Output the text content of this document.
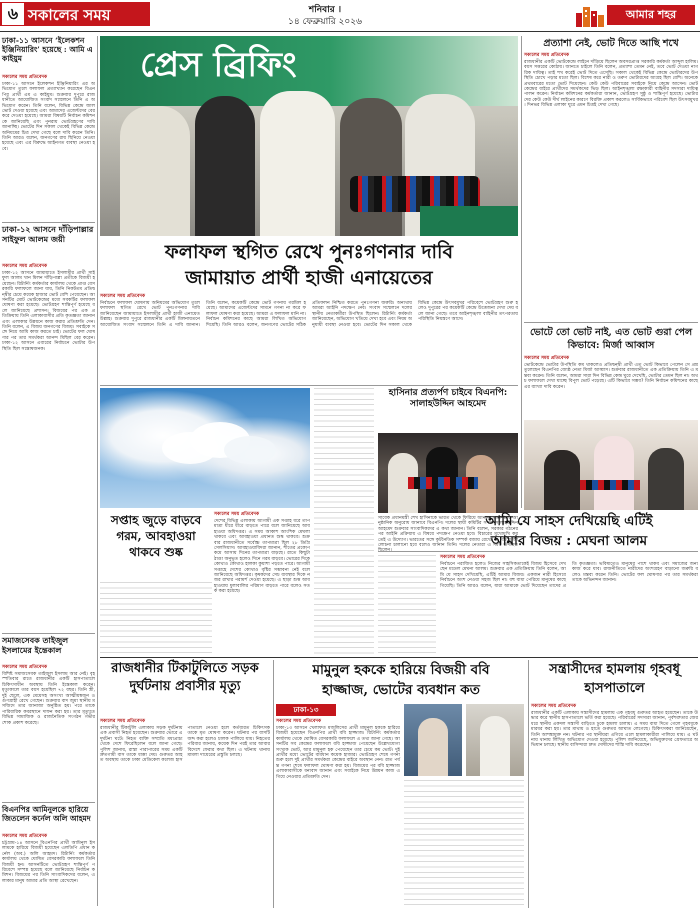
৬ সকালের সময়	শনিবার ।
১৪ ফেব্রুয়ারি ২০২৬
আমার শহর
ঢাকা-১১ আসনে ‘ইলেকশন ইঞ্জিনিয়ারিং’ হয়েছে : আমি এ কাইয়ুম
সকালের সময় প্রতিবেদক
ঢাকা-১১ আসনে ইলেকশন ইঞ্জিনিয়ারিং এর অভিযোগ তুলে ফলাফল প্রত্যাখ্যান করেছেন বিএনপির প্রার্থী এম এ কাইয়ুম। শুক্রবার দুপুরে রাজধানীতে আয়োজিত সংবাদ সম্মেলনে তিনি এ অভিযোগ করেন। তিনি বলেন, বিভিন্ন কেন্দ্রে জাল ভোট দেওয়া হয়েছে এবং আমাদের এজেন্টদের বের করে দেওয়া হয়েছে। আমরা বিষয়টি নির্বাচন কমিশনকে জানিয়েছি এবং পুনরায় ভোটগ্রহণের দাবি জানাচ্ছি। ভোটের দিন সকাল থেকেই বিভিন্ন কেন্দ্রে অনিয়মের চিত্র দেখা গেছে বলে দাবি করেন তিনি। তিনি আরও বলেন, জনগণের রায় ছিনিয়ে নেওয়া হয়েছে এবং এর বিরুদ্ধে আইনগত ব্যবস্থা নেওয়া হবে।
ঢাকা-১২ আসনে দাঁড়িপাল্লার সাইফুল আলম জয়ী
সকালের সময় প্রতিবেদক
ঢাকা-১২ আসনে জামায়াতে ইসলামীর প্রার্থী সাইফুল আলম খান মিলন দাঁড়িপাল্লা প্রতীকে বিজয়ী হয়েছেন। রিটার্নিং কর্মকর্তার কার্যালয় থেকে প্রাপ্ত বেসরকারি ফলাফলে জানা যায়, তিনি নিকটতম প্রতিদ্বন্দ্বীর চেয়ে কয়েক হাজার ভোট বেশি পেয়েছেন। আসনটির মোট ভোটকেন্দ্রের মধ্যে সবকটির ফলাফল ঘোষণা করা হয়েছে। ভোটগ্রহণ শান্তিপূর্ণ হয়েছে বলে জানিয়েছে প্রশাসন। বিজয়ের পর এক প্রতিক্রিয়ায় তিনি এলাকাবাসীর প্রতি কৃতজ্ঞতা জানান এবং এলাকার উন্নয়নে কাজ করার প্রতিশ্রুতি দেন। তিনি বলেন, এ বিজয় জনগণের বিজয়। সবাইকে সঙ্গে নিয়ে আমি কাজ করতে চাই। ভোটের ফল ঘোষণার পর তার সমর্থকরা আনন্দ মিছিল বের করেন। ঢাকা-১২ আসনে এবারের নির্বাচনে ভোটার উপস্থিতি ছিল সন্তোষজনক।
সমাজসেবক তাইজুল ইসলামের ইন্তেকাল
সকালের সময় প্রতিবেদক
বিশিষ্ট সমাজসেবক তাইজুল ইসলাম আর নেই। বৃহস্পতিবার রাতে রাজধানীর একটি হাসপাতালে চিকিৎসাধীন অবস্থায় তিনি ইন্তেকাল করেন। মৃত্যুকালে তার বয়স হয়েছিল ৭২ বছর। তিনি স্ত্রী, দুই ছেলে, এক মেয়েসহ অসংখ্য আত্মীয়স্বজন ও গুণগ্রাহী রেখে গেছেন। শুক্রবার বাদ জুমা স্থানীয় মসজিদে তার জানাজা অনুষ্ঠিত হয়। পরে তাকে পারিবারিক কবরস্থানে দাফন করা হয়। তার মৃত্যুতে বিভিন্ন সামাজিক ও রাজনৈতিক সংগঠন গভীর শোক প্রকাশ করেছে।
বিএনপির আমিনুলকে হারিয়ে জিতলেন কর্নেল অলি আহমদ
সকালের সময় প্রতিবেদক
চট্টগ্রাম-১৪ আসনে বিএনপির প্রার্থী আমিনুল ইসলামকে হারিয়ে বিজয়ী হয়েছেন এলডিপি প্রধান কর্নেল (অব.) অলি আহমদ। রিটার্নিং কর্মকর্তার কার্যালয় থেকে ঘোষিত বেসরকারি ফলাফলে তিনি বিজয়ী হন। আসনটিতে ভোটগ্রহণ শান্তিপূর্ণ পরিবেশে সম্পন্ন হয়েছে বলে জানিয়েছে নির্বাচন কমিশন। বিজয়ের পর তিনি সাংবাদিকদের বলেন, এলাকার মানুষ আমার প্রতি আস্থা রেখেছেন।
প্রেস ব্রিফিং
ফলাফল স্থগিত রেখে পুনঃগণনার দাবি
জামায়াত প্রার্থী হাজী এনায়েতের
সকালের সময় প্রতিবেদক
নির্বাচনে ফলাফল ঘোষণায় অনিয়মের অভিযোগ তুলে ফলাফল স্থগিত রেখে ভোট পুনঃগণনার দাবি জানিয়েছেন জামায়াতে ইসলামীর প্রার্থী হাজী এনায়েত উল্লাহ। শুক্রবার দুপুরে রাজধানীর একটি মিলনায়তনে আয়োজিত সংবাদ সম্মেলনে তিনি এ দাবি জানান। তিনি বলেন, কয়েকটি কেন্দ্রে ভোট গণনায় গরমিল হয়েছে। আমাদের এজেন্টদের সামনে গণনা না করে ফলাফল ঘোষণা করা হয়েছে। আমরা এ ফলাফল মানি না। নির্বাচন কমিশনের কাছে আমরা লিখিত অভিযোগ দিয়েছি। তিনি আরও বলেন, জনগণের ভোটের সঠিক প্রতিফলন নিশ্চিত করতে পুনঃগণনা জরুরি। অন্যথায় আমরা আইনি পদক্ষেপ নেব। সংবাদ সম্মেলনে দলের স্থানীয় নেতাকর্মীরা উপস্থিত ছিলেন। রিটার্নিং কর্মকর্তা জানিয়েছেন, অভিযোগ খতিয়ে দেখা হবে এবং নিয়ম অনুযায়ী ব্যবস্থা নেওয়া হবে। ভোটের দিন সকাল থেকে বিভিন্ন কেন্দ্রে উৎসবমুখর পরিবেশে ভোটগ্রহণ শুরু হলেও দুপুরের পর কয়েকটি কেন্দ্রে উত্তেজনা দেখা দেয় বলে জানা গেছে। তবে আইনশৃঙ্খলা বাহিনীর তৎপরতায় পরিস্থিতি নিয়ন্ত্রণে আসে।
সপ্তাহ জুড়ে বাড়বে গরম, আবহাওয়া থাকবে শুষ্ক
সকালের সময় প্রতিবেদক
দেশের বিভিন্ন এলাকায় আগামী এক সপ্তাহ ধরে তাপমাত্রা ধীরে ধীরে বাড়তে পারে বলে জানিয়েছে আবহাওয়া অধিদপ্তর। এ সময় আকাশ আংশিক মেঘলা থাকবে এবং আবহাওয়া প্রধানত শুষ্ক থাকবে। শুক্রবার রাজধানীতে সর্বোচ্চ তাপমাত্রা ছিল ২৮ ডিগ্রি সেলসিয়াস। আবহাওয়াবিদরা জানান, শীতের প্রকোপ কমে আসায় দিনের তাপমাত্রা বাড়ছে। রাতে কিছুটা ঠাণ্ডা অনুভূত হলেও দিনে গরম বাড়বে। ভোরের দিকে কোথাও কোথাও হালকা কুয়াশা পড়তে পারে। আগামী সপ্তাহে দেশের কোথাও বৃষ্টির সম্ভাবনা নেই বলে জানিয়েছে অধিদপ্তর। কৃষকদের সেচ ব্যবস্থার দিকে নজর রাখার পরামর্শ দেওয়া হয়েছে। এ ছাড়া শুষ্ক আবহাওয়ায় ধুলাবালির পরিমাণ বাড়তে পারে বলেও সতর্ক করা হয়েছে।
হাসিনার প্রত্যর্পণ চাইবে বিএনপি: সালাহউদ্দিন আহমেদ
সাবেক প্রধানমন্ত্রী শেখ হাসিনাকে ভারত থেকে ফিরিয়ে আনতে প্রত্যর্পণের আনুষ্ঠানিক অনুরোধ জানাবে বিএনপি। দলের স্থায়ী কমিটির সদস্য সালাহউদ্দিন আহমেদ শুক্রবার সাংবাদিকদের এ কথা জানান। তিনি বলেন, সরকার গঠনের পর আইনি প্রক্রিয়ায় এ বিষয়ে পদক্ষেপ নেওয়া হবে। বিচারের মুখোমুখি করতেই এ উদ্যোগ। ভারতের সঙ্গে কূটনৈতিক সম্পর্ক বজায় রেখেই এ বিষয়ে আলোচনা চালানো হবে বলেও জানান তিনি। দলের নেতারা এ সময় উপস্থিত
আমি যে সাহস দেখিয়েছি এটিই
আমার বিজয় : মেঘনা আলম
সকালের সময় প্রতিবেদক
নির্বাচনে পরাজিত হলেও নিজের সাহসিকতাকেই বিজয় হিসেবে দেখছেন মডেল মেঘনা আলম। শুক্রবার এক প্রতিক্রিয়ায় তিনি বলেন, আমি যে সাহস দেখিয়েছি, এটিই আমার বিজয়। একজন নারী হিসেবে নির্বাচনে অংশ নেওয়া সহজ ছিল না। বহু বাধা পেরিয়ে মানুষের কাছে গিয়েছি। তিনি আরও বলেন, যারা আমাকে ভোট দিয়েছেন তাদের প্রতি কৃতজ্ঞতা। ভবিষ্যতেও মানুষের পাশে থাকব এবং সমাজের জন্য কাজ করে যাব। রাজনীতিতে নারীদের অংশগ্রহণ বাড়ানো জরুরি বলেও মন্তব্য করেন তিনি। ভোটের ফল ঘোষণার পর তার সমর্থকরা তাকে অভিনন্দন জানান।
প্রত্যাশা নেই, ভোট দিতে আছি শখে
সকালের সময় প্রতিবেদক
রাজধানীর একটি ভোটকেন্দ্রে লাইনে দাঁড়িয়ে ছিলেন অবসরপ্রাপ্ত সরকারি কর্মকর্তা আব্দুল হালিম। বয়স সত্তরের কোঠায়। জানতে চাইলে তিনি বলেন, প্রত্যাশা তেমন নেই, তবে ভোট দেওয়া নাগরিক দায়িত্ব। তাই শখ করেই ভোট দিতে এসেছি। সকাল থেকেই বিভিন্ন কেন্দ্রে ভোটারদের উপস্থিতি চোখে পড়ার মতো ছিল। বিশেষ করে নারী ও তরুণ ভোটারদের আগ্রহ ছিল বেশি। অনেকে প্রথমবারের মতো ভোট দিয়েছেন। কেউ কেউ পরিবারের সবাইকে নিয়ে কেন্দ্রে আসেন। ভোটকেন্দ্রের বাইরে প্রার্থীদের সমর্থকদের ভিড় ছিল। আইনশৃঙ্খলা রক্ষাকারী বাহিনীর সদস্যরা দায়িত্ব পালন করেন। নির্বাচন কমিশনের কর্মকর্তারা জানান, ভোটগ্রহণ সুষ্ঠু ও শান্তিপূর্ণ হয়েছে। ভোটারদের কেউ কেউ দীর্ঘ লাইনের কারণে বিরক্তি প্রকাশ করলেও সার্বিকভাবে পরিবেশ ছিল উৎসবমুখর। দিনভর বিভিন্ন এলাকা ঘুরে এমন চিত্রই দেখা গেছে।
ভোটে তো ভোট নাই, এত ভোট গুরা পেল কিভাবে: মির্জা আব্বাস
সকালের সময় প্রতিবেদক
ভোটকেন্দ্রে ভোটার উপস্থিতি কম থাকলেও প্রতিদ্বন্দ্বী প্রার্থী এত ভোট কিভাবে পেলেন সে প্রশ্ন তুলেছেন বিএনপির জ্যেষ্ঠ নেতা মির্জা আব্বাস। শুক্রবার রাজধানীতে এক প্রতিক্রিয়ায় তিনি এ মন্তব্য করেন। তিনি বলেন, আমরা সারা দিন বিভিন্ন কেন্দ্র ঘুরে দেখেছি, ভোটার তেমন ছিল না। অথচ ফলাফলে দেখা যাচ্ছে বিপুল ভোট পড়েছে। এটি কিভাবে সম্ভব? তিনি নির্বাচন কমিশনের কাছে এর ব্যাখ্যা দাবি করেন।
রাজধানীর টিকাটুলিতে সড়ক দুর্ঘটনায় প্রবাসীর মৃত্যু
সকালের সময় প্রতিবেদক
রাজধানীর টিকাটুলি এলাকায় সড়ক দুর্ঘটনায় এক প্রবাসী নিহত হয়েছেন। শুক্রবার ভোরে এ দুর্ঘটনা ঘটে। নিহত ব্যক্তি সম্প্রতি মধ্যপ্রাচ্য থেকে দেশে ফিরেছিলেন বলে জানা গেছে। পুলিশ জানায়, রাস্তা পারাপারের সময় একটি দ্রুতগামী বাস তাকে ধাক্কা দেয়। গুরুতর আহত অবস্থায় তাকে ঢাকা মেডিকেল কলেজ হাসপাতালে নেওয়া হলে কর্তব্যরত চিকিৎসক তাকে মৃত ঘোষণা করেন। ঘটনার পর বাসটি জব্দ করা হলেও চালক পালিয়ে যায়। নিহতের পরিবার জানায়, কয়েক দিন পরই তার আবার বিদেশে ফেরার কথা ছিল। এ ঘটনায় থানায় মামলা দায়েরের প্রস্তুতি চলছে।
মামুনুল হককে হারিয়ে বিজয়ী ববি
হাজ্জাজ, ভোটের ব্যবধান কত
ঢাকা-১৩
সকালের সময় প্রতিবেদক
ঢাকা-১৩ আসনে খেলাফত মজলিসের প্রার্থী মামুনুল হককে হারিয়ে বিজয়ী হয়েছেন বিএনপির প্রার্থী ববি হাজ্জাজ। রিটার্নিং কর্মকর্তার কার্যালয় থেকে ঘোষিত বেসরকারি ফলাফলে এ তথ্য জানা গেছে। আসনটির সব কেন্দ্রের ফলাফলে ববি হাজ্জাজ পেয়েছেন উল্লেখযোগ্য সংখ্যক ভোট, আর মামুনুল হক পেয়েছেন তার চেয়ে কম ভোট। দুই প্রার্থীর মধ্যে ভোটের ব্যবধান কয়েক হাজার। ভোটগ্রহণ শেষে গণনা শুরু হলে দুই প্রার্থীর সমর্থকরা কেন্দ্রের বাইরে অবস্থান নেন। রাত পর্যন্ত গণনা শেষে ফলাফল ঘোষণা করা হয়। বিজয়ের পর ববি হাজ্জাজ এলাকাবাসীকে ধন্যবাদ জানান এবং সবাইকে নিয়ে উন্নয়ন কাজ এগিয়ে নেওয়ার প্রতিশ্রুতি দেন।
সন্ত্রাসীদের হামলায় গৃহবধূ হাসপাতালে
সকালের সময় প্রতিবেদক
রাজধানীর একটি এলাকায় সন্ত্রাসীদের হামলায় এক গৃহবধূ গুরুতর আহত হয়েছেন। তাকে উদ্ধার করে স্থানীয় হাসপাতালে ভর্তি করা হয়েছে। পরিবারের সদস্যরা জানান, পূর্বশত্রুতার জের ধরে স্থানীয় একদল সন্ত্রাসী বাড়িতে ঢুকে হামলা চালায়। এ সময় বাধা দিতে গেলে গৃহবধূকে মারধর করা হয়। তার মাথায় ও হাতে গুরুতর আঘাত লেগেছে। চিকিৎসকরা জানিয়েছেন, তিনি আশঙ্কামুক্ত নন। ঘটনার পর স্থানীয়রা এগিয়ে এলে হামলাকারীরা পালিয়ে যায়। এ ঘটনায় থানায় লিখিত অভিযোগ দেওয়া হয়েছে। পুলিশ জানিয়েছে, অভিযুক্তদের গ্রেফতারে অভিযান চলছে। স্থানীয় বাসিন্দারা দ্রুত দোষীদের শাস্তি দাবি করেছেন।
